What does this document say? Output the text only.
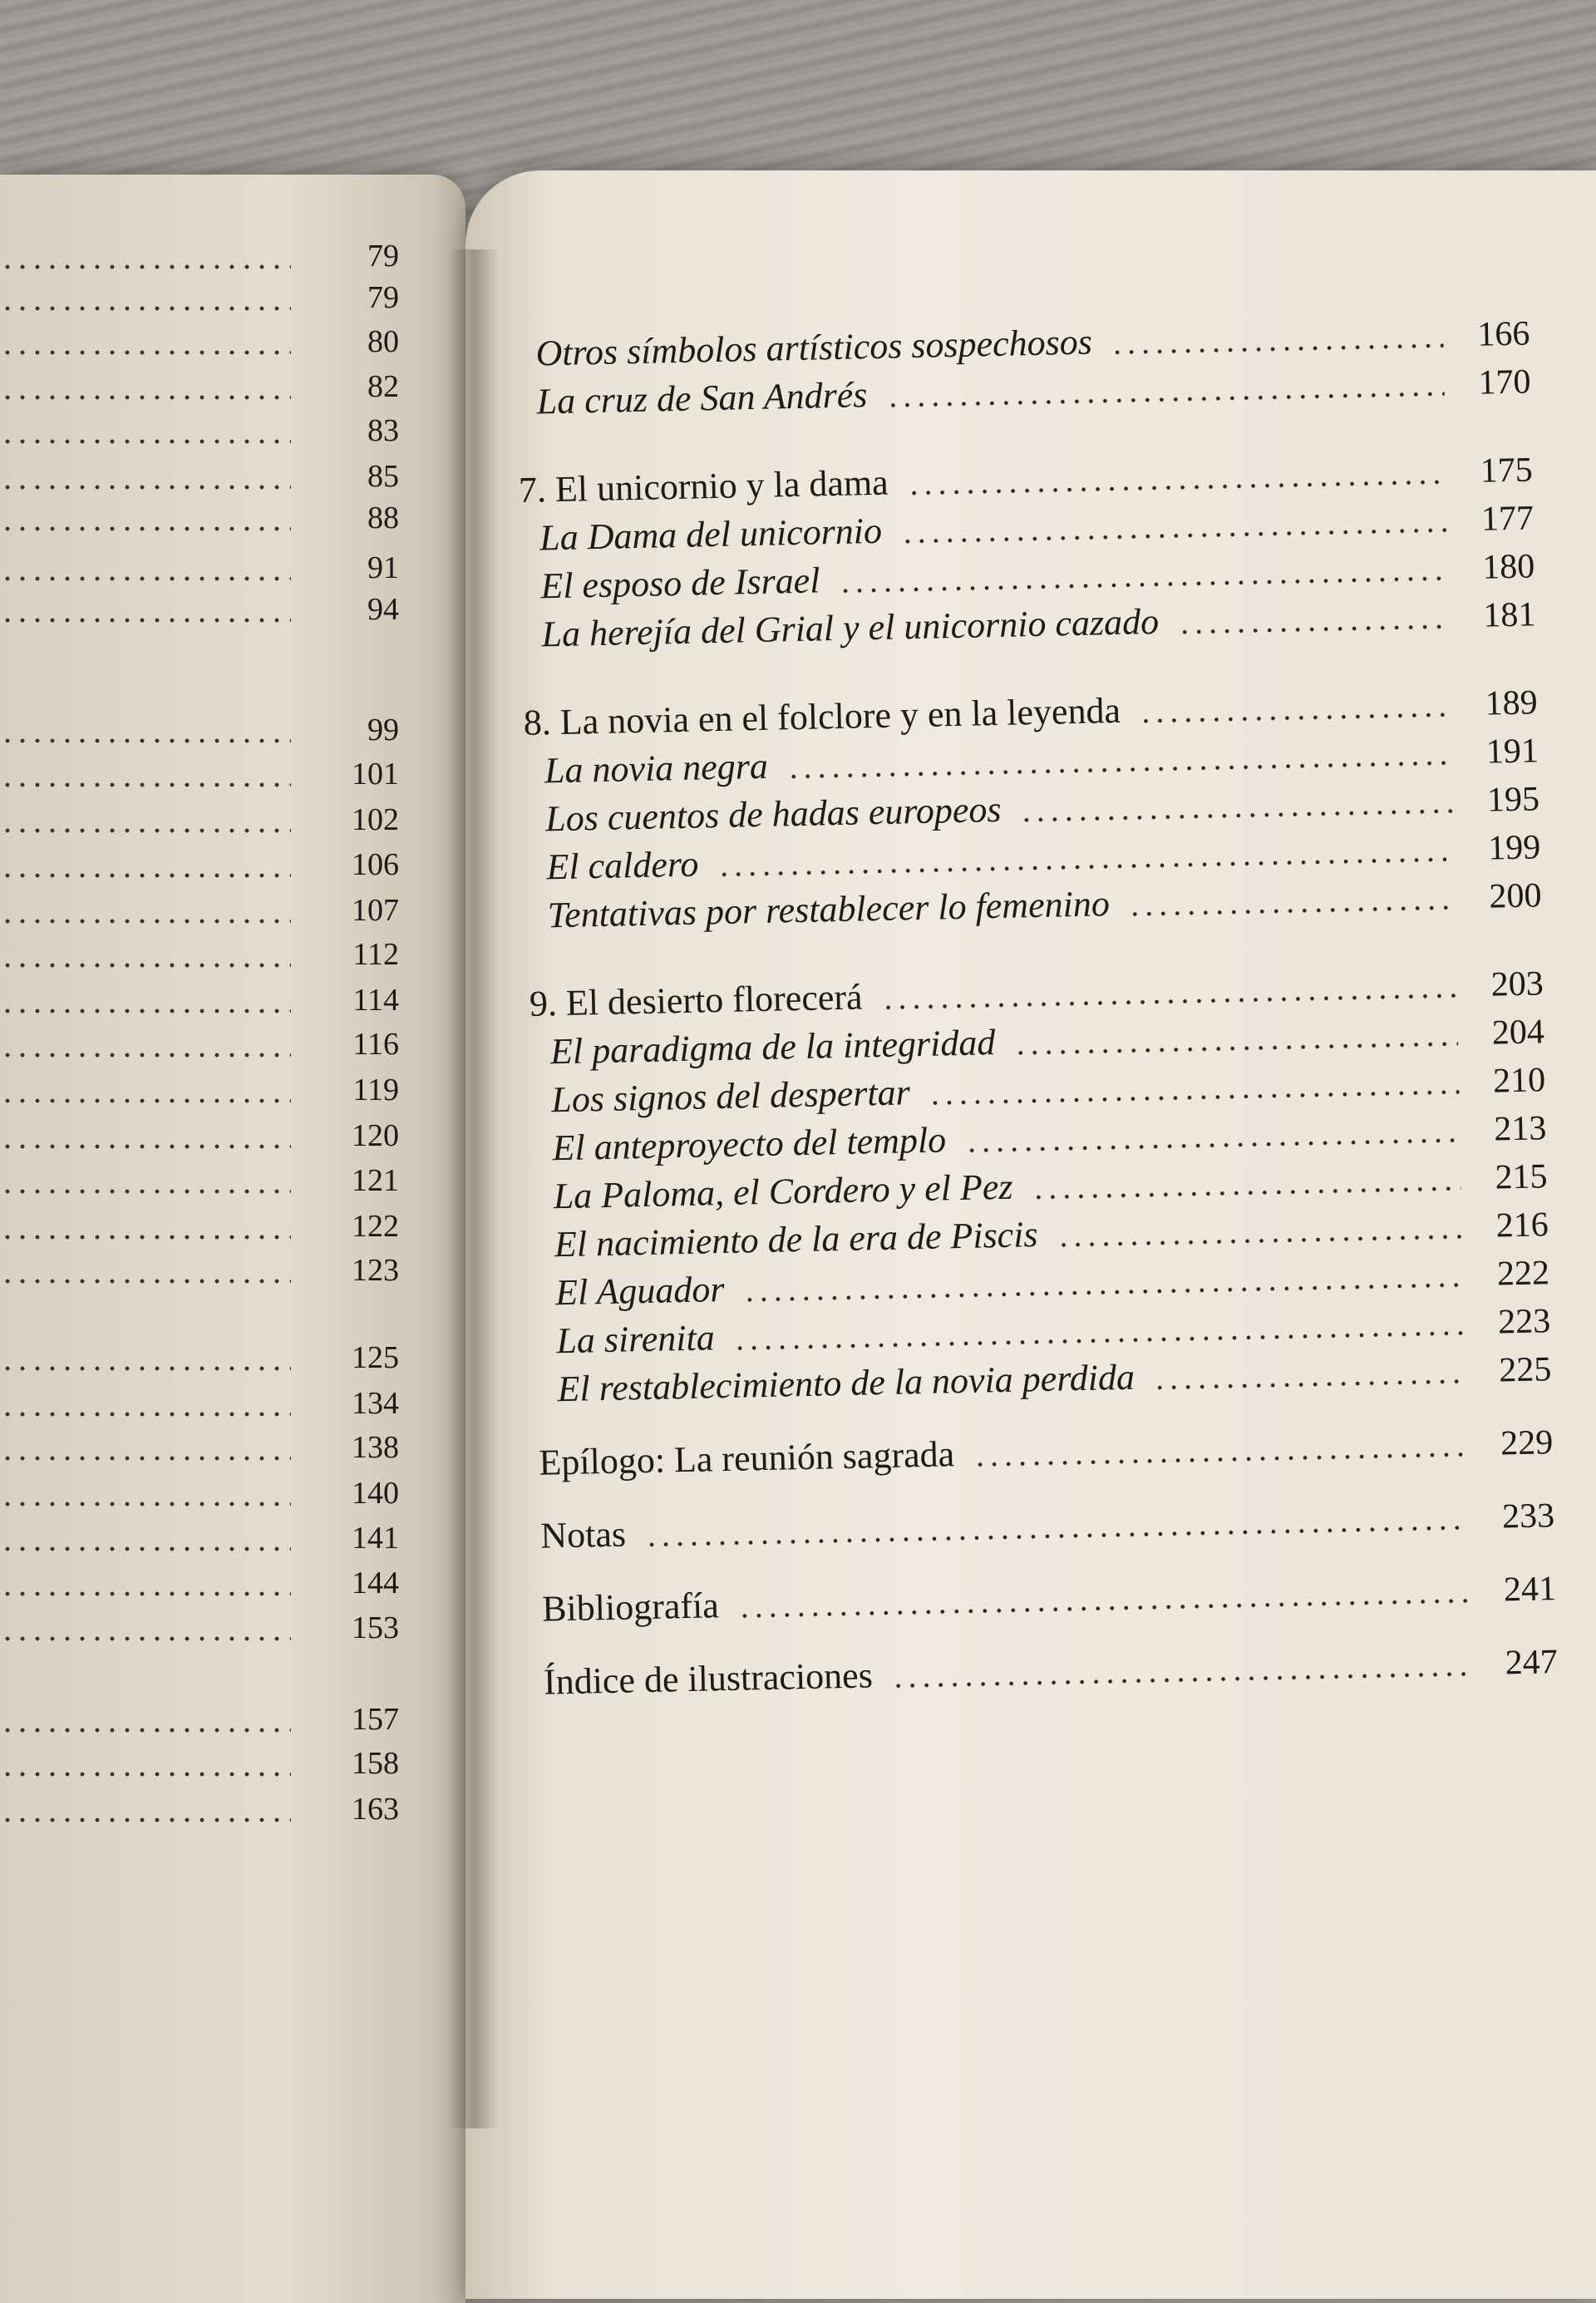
79
79
80
82
83
85
88
91
94
99
101
102
106
107
112
114
116
119
120
121
122
123
125
134
138
140
141
144
153
157
158
163
Otros símbolos artísticos sospechosos	166
La cruz de San Andrés	170
7. El unicornio y la dama	175
La Dama del unicornio	177
El esposo de Israel	180
La herejía del Grial y el unicornio cazado	181
8. La novia en el folclore y en la leyenda	189
La novia negra	191
Los cuentos de hadas europeos	195
El caldero	199
Tentativas por restablecer lo femenino	200
9. El desierto florecerá	203
El paradigma de la integridad	204
Los signos del despertar	210
El anteproyecto del templo	213
La Paloma, el Cordero y el Pez	215
El nacimiento de la era de Piscis	216
El Aguador	222
La sirenita	223
El restablecimiento de la novia perdida	225
Epílogo: La reunión sagrada	229
Notas	233
Bibliografía	241
Índice de ilustraciones	247
